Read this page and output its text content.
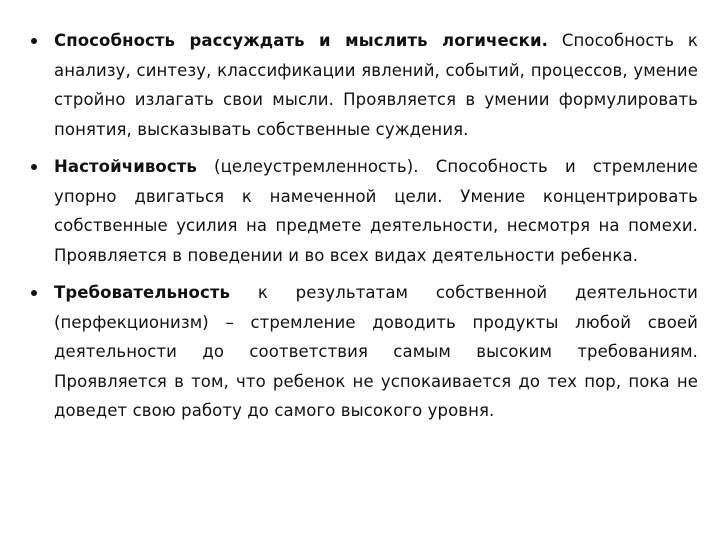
Способность рассуждать и мыслить логически. Способность к анализу, синтезу, классификации явлений, событий, процессов, умение стройно излагать свои мысли. Проявляется в умении формулировать понятия, высказывать собственные суждения.
Настойчивость (целеустремленность). Способность и стремление упорно двигаться к намеченной цели. Умение концентрировать собственные усилия на предмете деятельности, несмотря на помехи. Проявляется в поведении и во всех видах деятельности ребенка.
Требовательность к результатам собственной деятельности (перфекционизм) – стремление доводить продукты любой своей деятельности до соответствия самым высоким требованиям. Проявляется в том, что ребенок не успокаивается до тех пор, пока не доведет свою работу до самого высокого уровня.
